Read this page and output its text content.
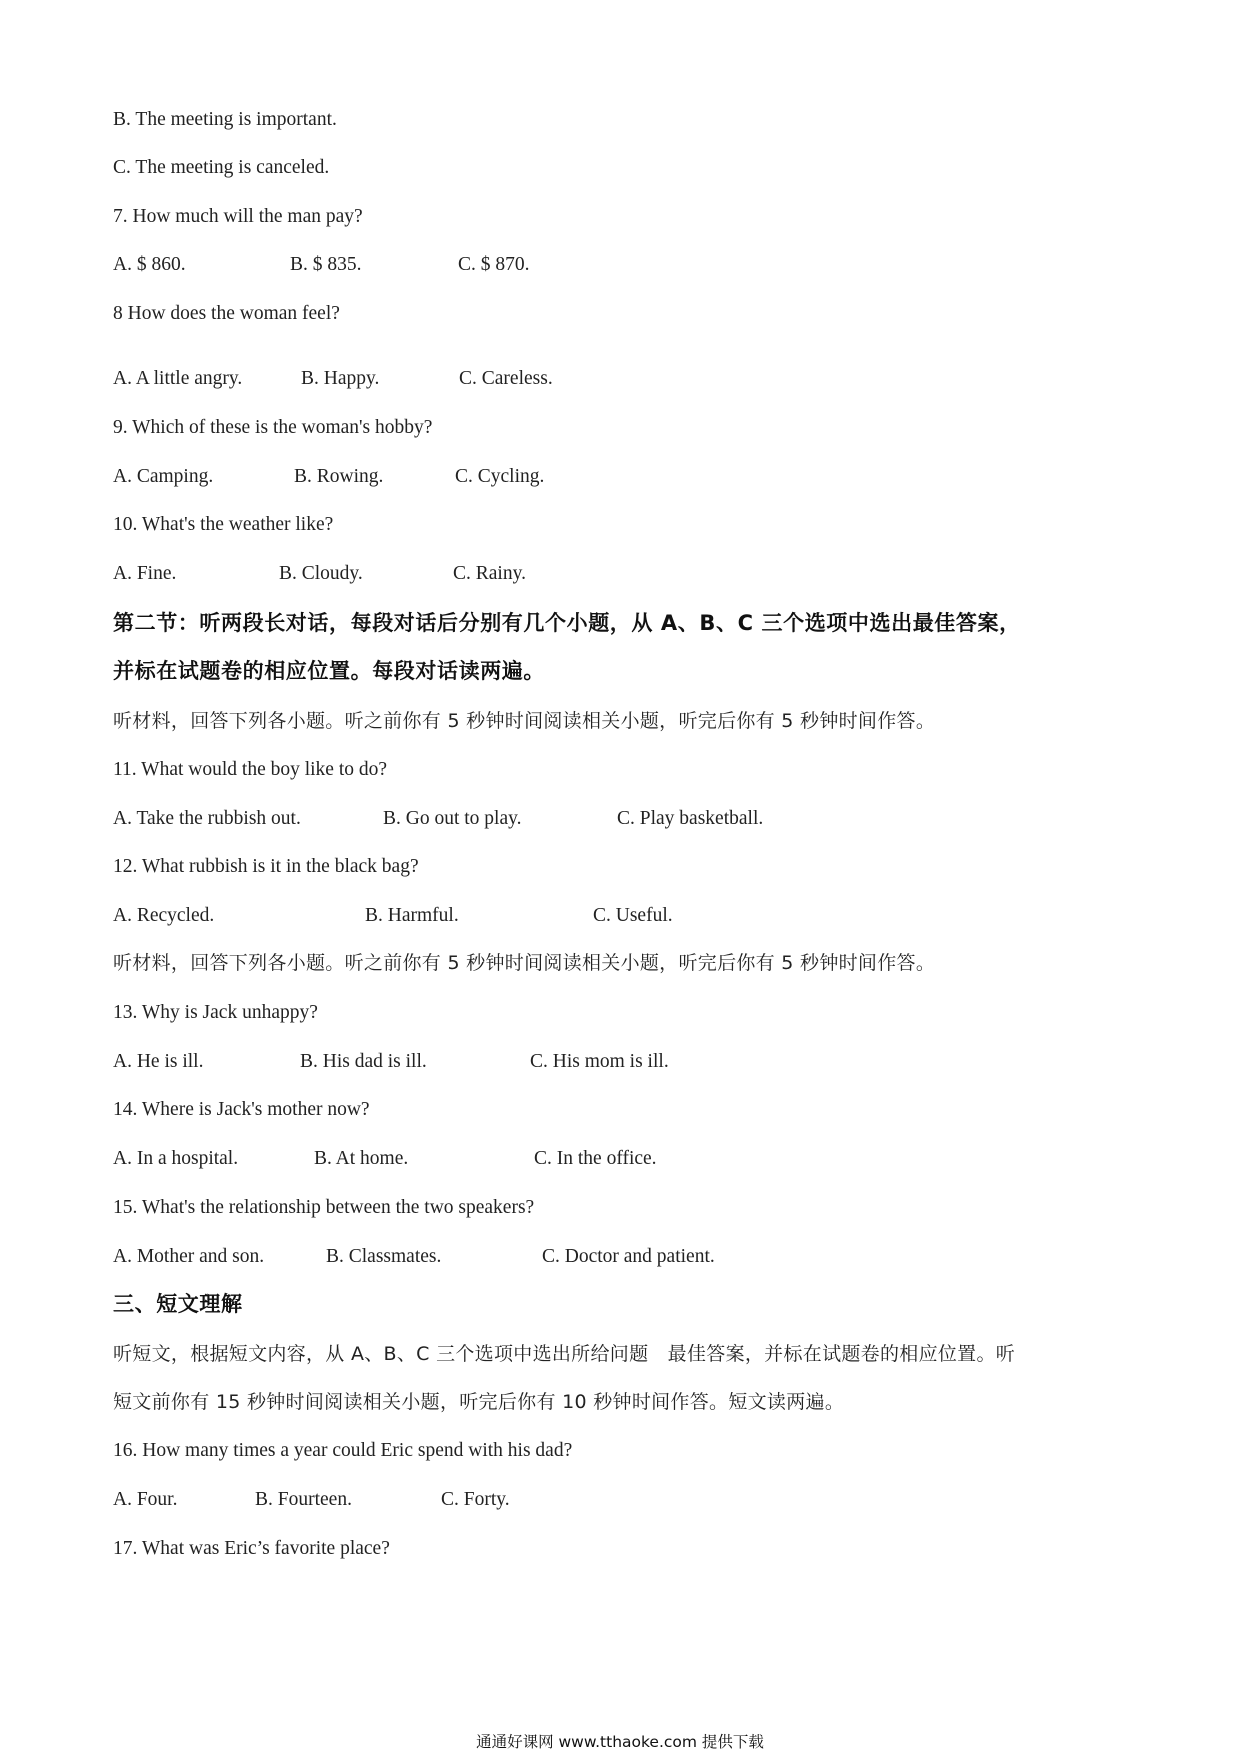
B. The meeting is important.
C. The meeting is canceled.
7. How much will the man pay?
A. $ 860.	B. $ 835.	C. $ 870.
8 How does the woman feel?
A. A little angry.	B. Happy.	C. Careless.
9. Which of these is the woman's hobby?
A. Camping.	B. Rowing.	C. Cycling.
10. What's the weather like?
A. Fine.	B. Cloudy.	C. Rainy.
第二节：听两段长对话，每段对话后分别有几个小题，从 A、B、C 三个选项中选出最佳答案，
并标在试题卷的相应位置。每段对话读两遍。
听材料，回答下列各小题。听之前你有 5 秒钟时间阅读相关小题，听完后你有 5 秒钟时间作答。
11. What would the boy like to do?
A. Take the rubbish out.	B. Go out to play.	C. Play basketball.
12. What rubbish is it in the black bag?
A. Recycled.	B. Harmful.	C. Useful.
听材料，回答下列各小题。听之前你有 5 秒钟时间阅读相关小题，听完后你有 5 秒钟时间作答。
13. Why is Jack unhappy?
A. He is ill.	B. His dad is ill.	C. His mom is ill.
14. Where is Jack's mother now?
A. In a hospital.	B. At home.	C. In the office.
15. What's the relationship between the two speakers?
A. Mother and son.	B. Classmates.	C. Doctor and patient.
三、短文理解
听短文，根据短文内容，从 A、B、C 三个选项中选出所给问题　最佳答案，并标在试题卷的相应位置。听
短文前你有 15 秒钟时间阅读相关小题，听完后你有 10 秒钟时间作答。短文读两遍。
16. How many times a year could Eric spend with his dad?
A. Four.	B. Fourteen.	C. Forty.
17. What was Eric’s favorite place?
通通好课网 www.tthaoke.com 提供下载
